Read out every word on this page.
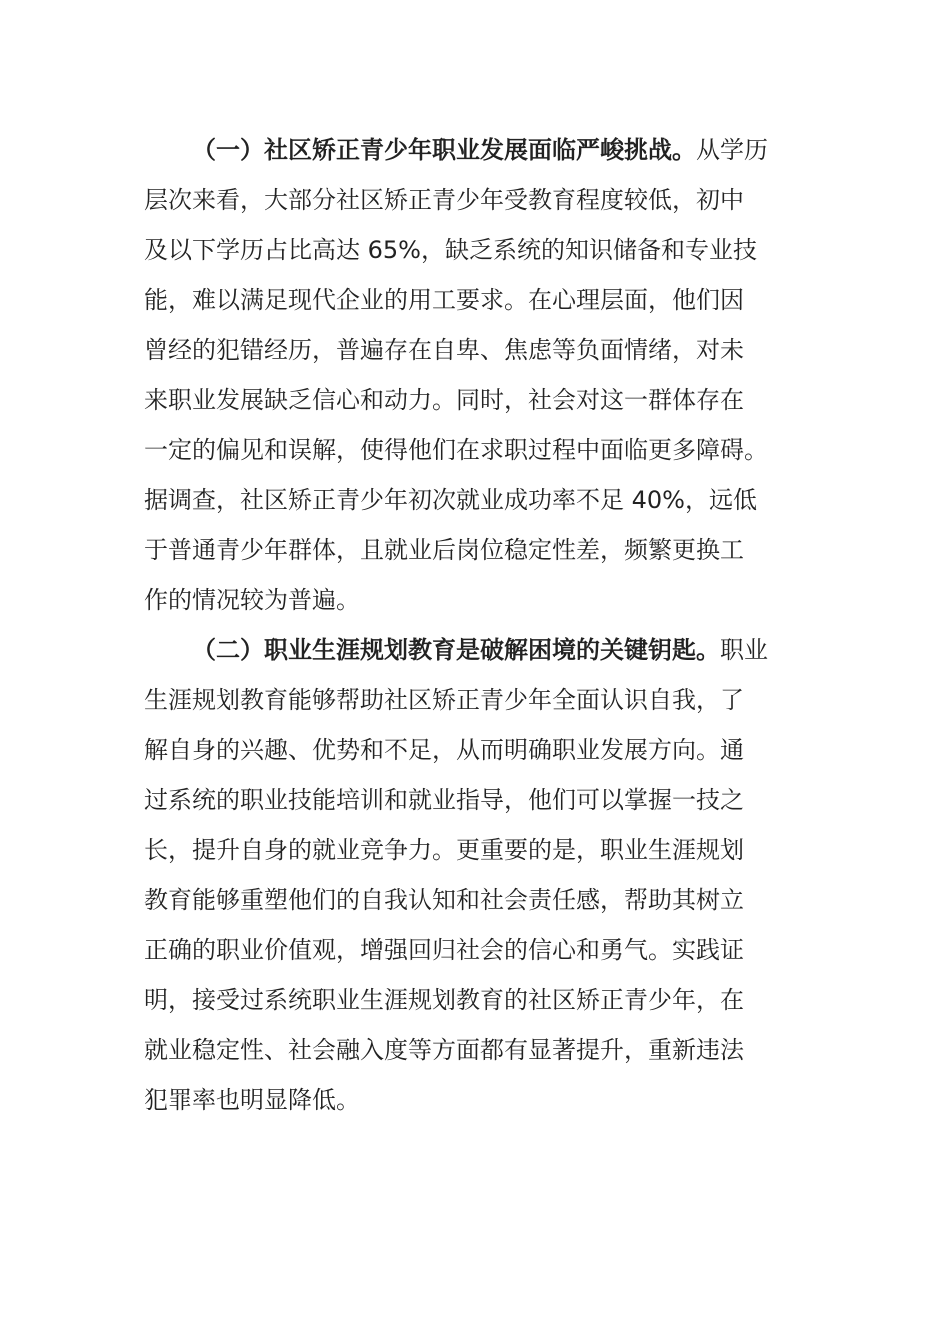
（一）社区矫正青少年职业发展面临严峻挑战。从学历
层次来看，大部分社区矫正青少年受教育程度较低，初中
及以下学历占比高达 65%，缺乏系统的知识储备和专业技
能，难以满足现代企业的用工要求。在心理层面，他们因
曾经的犯错经历，普遍存在自卑、焦虑等负面情绪，对未
来职业发展缺乏信心和动力。同时，社会对这一群体存在
一定的偏见和误解，使得他们在求职过程中面临更多障碍。
据调查，社区矫正青少年初次就业成功率不足 40%，远低
于普通青少年群体，且就业后岗位稳定性差，频繁更换工
作的情况较为普遍。
（二）职业生涯规划教育是破解困境的关键钥匙。职业
生涯规划教育能够帮助社区矫正青少年全面认识自我，了
解自身的兴趣、优势和不足，从而明确职业发展方向。通
过系统的职业技能培训和就业指导，他们可以掌握一技之
长，提升自身的就业竞争力。更重要的是，职业生涯规划
教育能够重塑他们的自我认知和社会责任感，帮助其树立
正确的职业价值观，增强回归社会的信心和勇气。实践证
明，接受过系统职业生涯规划教育的社区矫正青少年，在
就业稳定性、社会融入度等方面都有显著提升，重新违法
犯罪率也明显降低。
